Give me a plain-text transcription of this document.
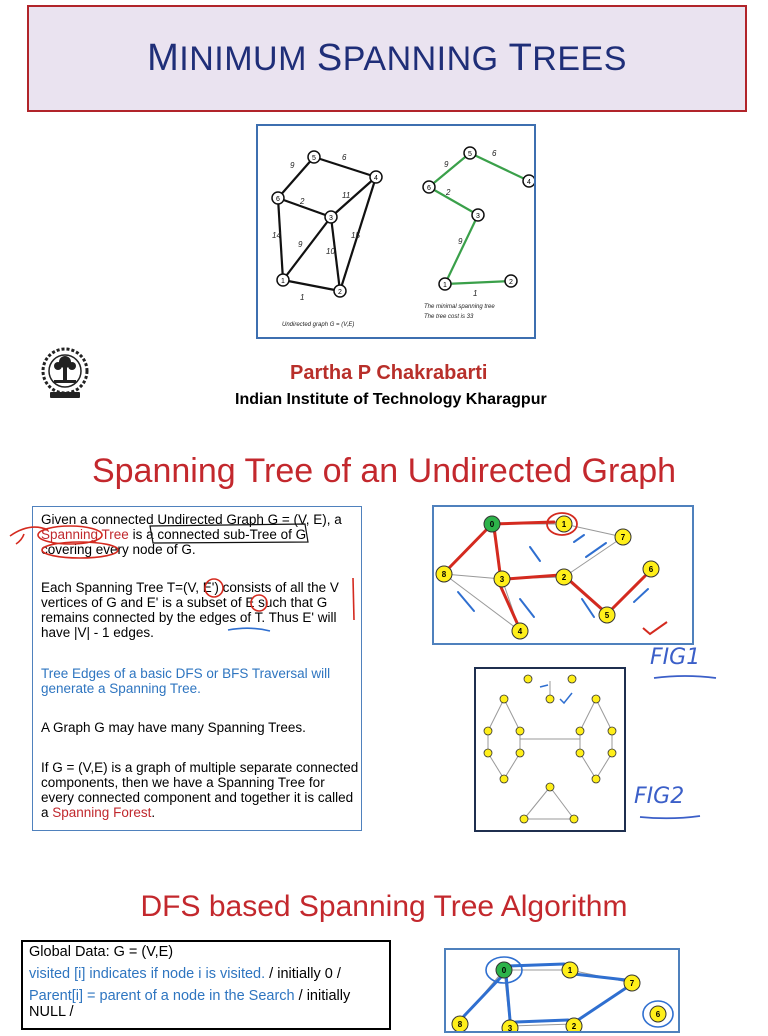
MINIMUM SPANNING TREES
9
6
2
11
14
9
10
15
1
5
4
6
3
1
2
Undirected graph G = (V,E)
9
6
2
9
1
5
4
6
3
1	2
The minimal spanning tree
The tree cost is 33
Partha P Chakrabarti
Indian Institute of Technology Kharagpur
Spanning Tree of an Undirected Graph
Given a connected Undirected Graph G = (V, E), a Spanning Tree is a connected sub-Tree of G covering every node of G.
Each Spanning Tree T=(V, E') consists of all the V vertices of G and E' is a subset of E such that G remains connected by the edges of T. Thus E' will have |V| - 1 edges.
Tree Edges of a basic DFS or BFS Traversal will generate a Spanning Tree.
A Graph G may have many Spanning Trees.
If G = (V,E) is a graph of multiple separate connected components, then we have a Spanning Tree for every connected component and together it is called a Spanning Forest.
0	1
7
8
3	2
6
5
4
FIG1
FIG2
DFS based Spanning Tree Algorithm
Global Data: G = (V,E)
visited [i] indicates if node i is visited. / initially 0 /
Parent[i] = parent of a node in the Search / initially NULL /
0	1
7
8	3	2
6
